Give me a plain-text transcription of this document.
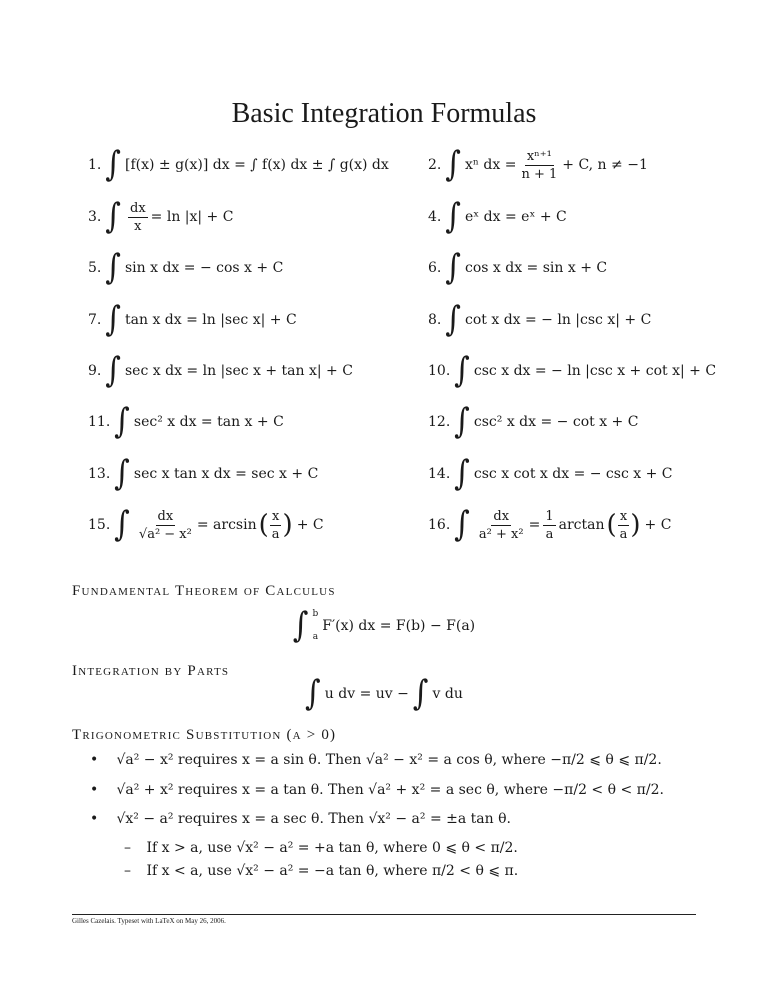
Basic Integration Formulas
1. ∫ [f(x) ± g(x)] dx = ∫ f(x) dx ± ∫ g(x) dx	2. ∫ xⁿ dx = $\frac{\text{xⁿ⁺¹}}{n + 1} + C$, n ≠ −1
3. ∫ $\frac{dx}{x} = \ln |x| + C$	4. ∫ eˣ dx = eˣ + C
5. ∫ sin x dx = − cos x + C	6. ∫ cos x dx = sin x + C
7. ∫ tan x dx = ln |sec x| + C	8. ∫ cot x dx = − ln |csc x| + C
9. ∫ sec x dx = ln |sec x + tan x| + C	10. ∫ csc x dx = − ln |csc x + cot x| + C
11. ∫ sec² x dx = tan x + C	12. ∫ csc² x dx = − cot x + C
13. ∫ sec x tan x dx = sec x + C	14. ∫ csc x cot x dx = − csc x + C
15. ∫ $\frac{dx}{\text{√a² − x²}} = \arcsin$ ( $\frac{x}{a}$ ) + C	16. ∫ $\frac{dx}{\text{a² + x²}} = \frac{1}{a}$ arctan ( $\frac{x}{a}$ ) + C
Fundamental Theorem of Calculus
∫ b
a
F′(x) dx = F(b) − F(a)
Integration by Parts
∫ u dv = uv − ∫ v du
Trigonometric Substitution (a > 0)
• √a² − x² requires x = a sin θ. Then √a² − x² = a cos θ, where −π/2 ⩽ θ ⩽ π/2.
• √a² + x² requires x = a tan θ. Then √a² + x² = a sec θ, where −π/2 < θ < π/2.
• √x² − a² requires x = a sec θ. Then √x² − a² = ±a tan θ.
– If x > a, use √x² − a² = +a tan θ, where 0 ⩽ θ < π/2.
– If x < a, use √x² − a² = −a tan θ, where π/2 < θ ⩽ π.
Gilles Cazelais. Typeset with LaTeX on May 26, 2006.
